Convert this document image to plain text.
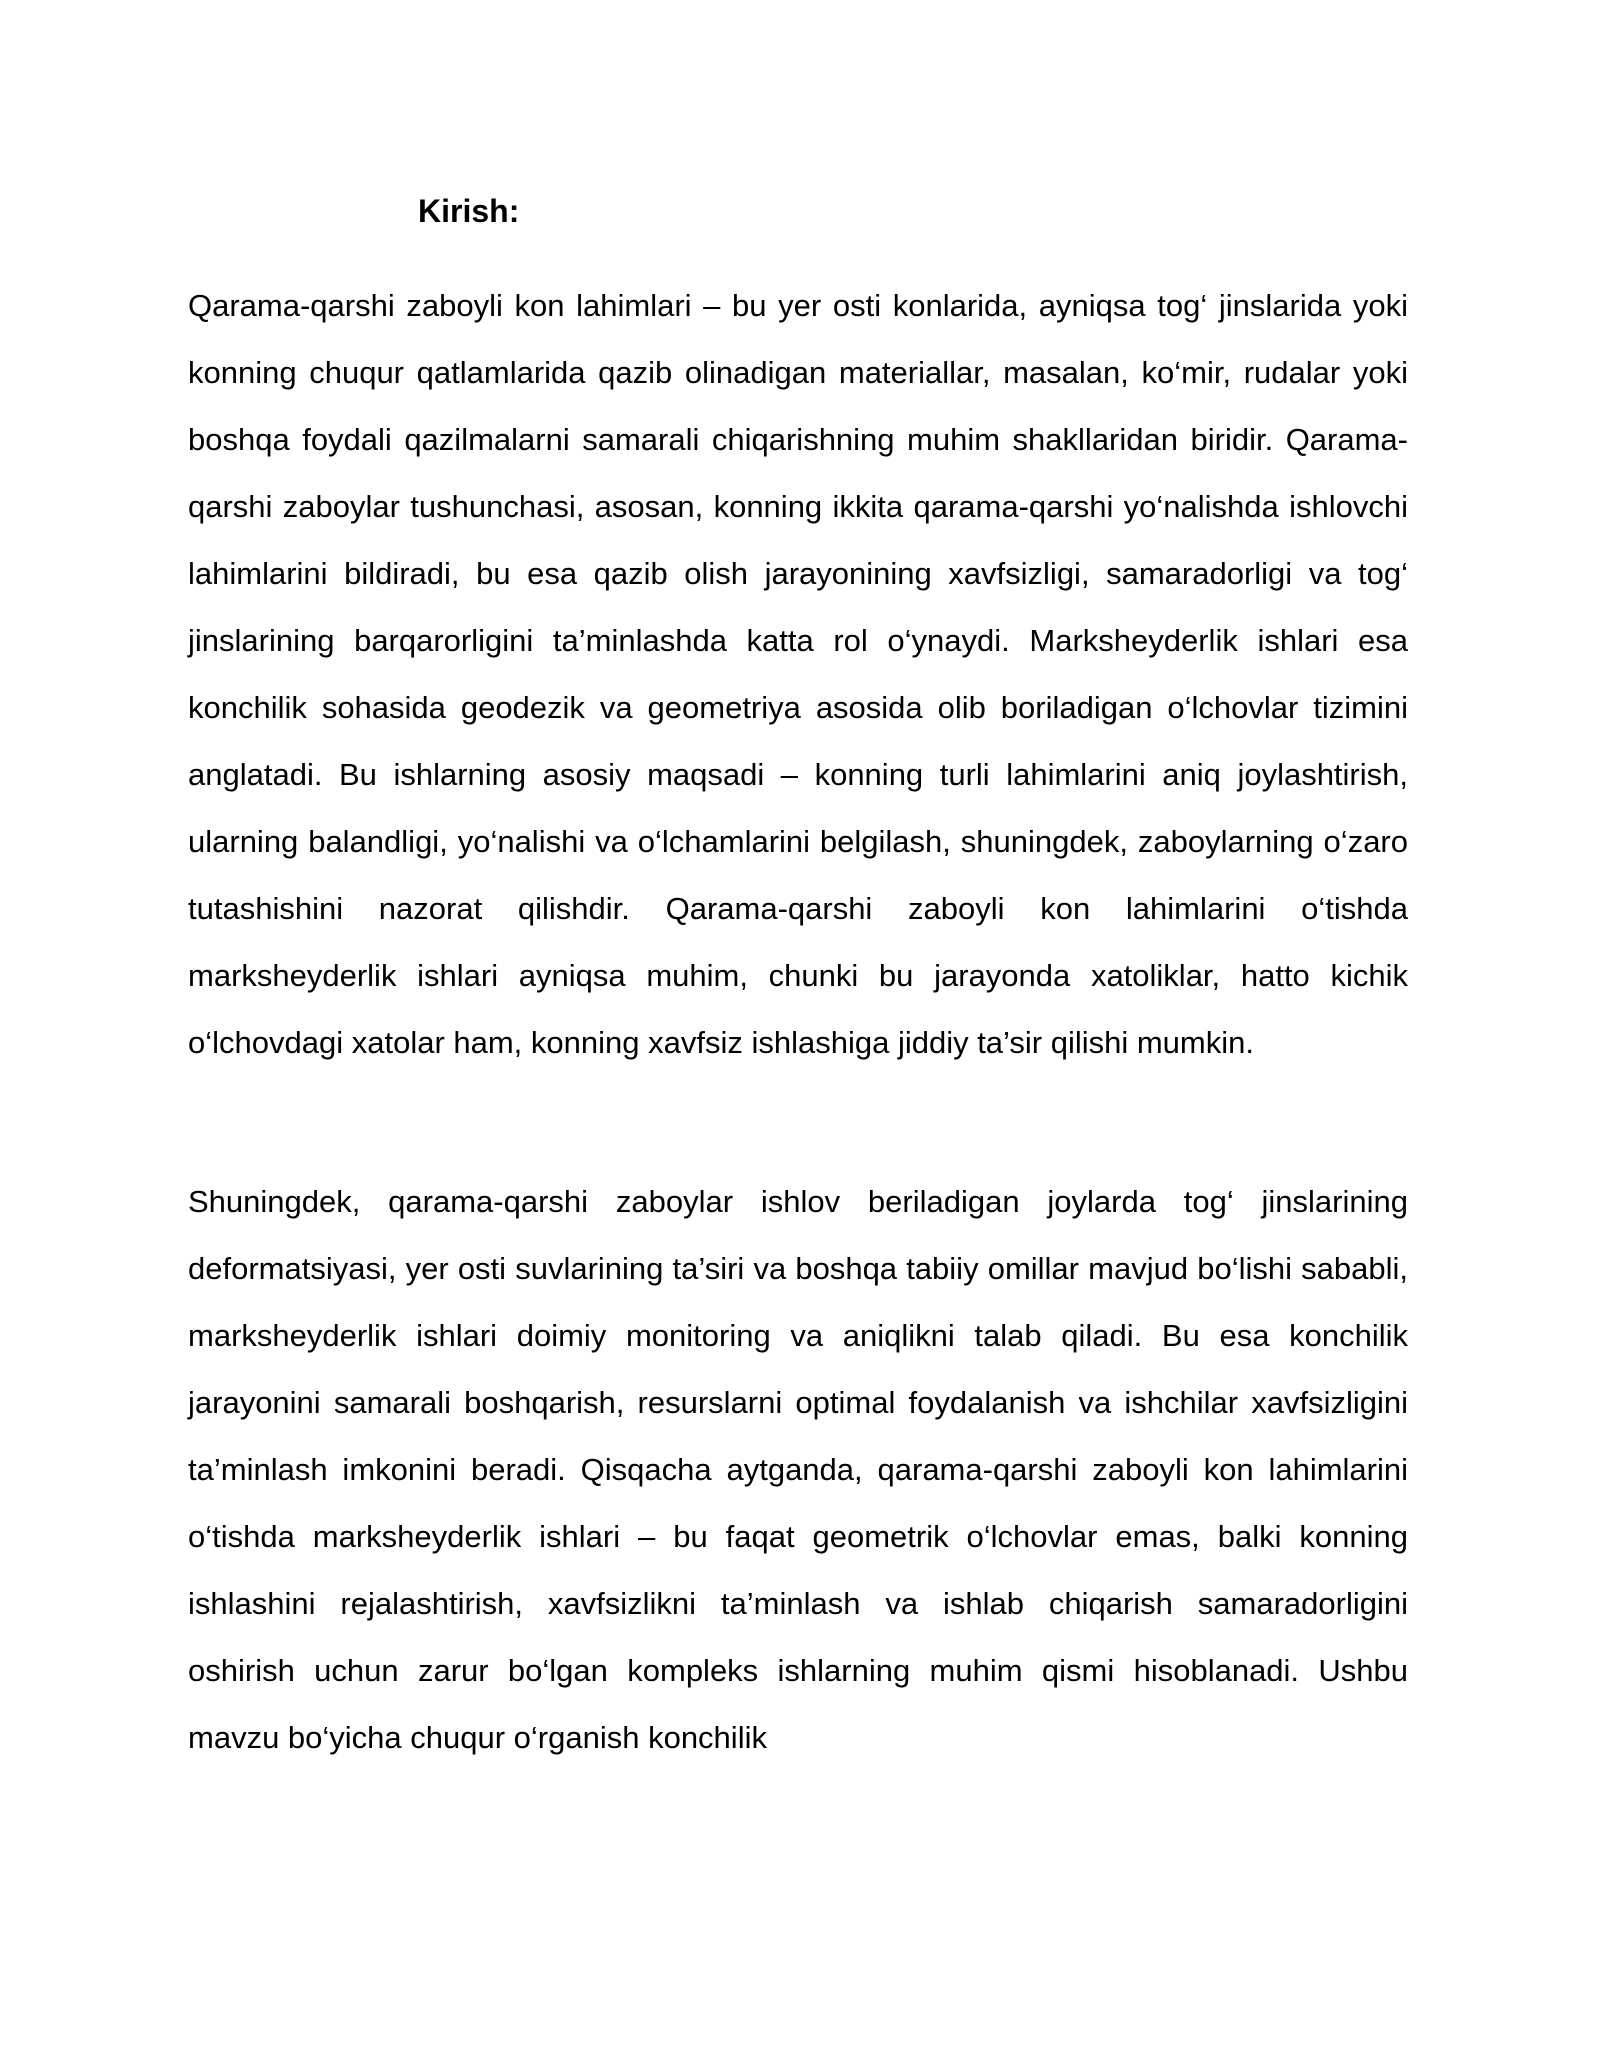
Kirish:

Qarama-qarshi zaboyli kon lahimlari – bu yer osti konlarida, ayniqsa tog‘ jinslarida yoki konning chuqur qatlamlarida qazib olinadigan materiallar, masalan, ko‘mir, rudalar yoki boshqa foydali qazilmalarni samarali chiqarishning muhim shakllaridan biridir. Qarama-qarshi zaboylar tushunchasi, asosan, konning ikkita qarama-qarshi yo‘nalishda ishlovchi lahimlarini bildiradi, bu esa qazib olish jarayonining xavfsizligi, samaradorligi va tog‘ jinslarining barqarorligini ta’minlashda katta rol o‘ynaydi. Marksheyderlik ishlari esa konchilik sohasida geodezik va geometriya asosida olib boriladigan o‘lchovlar tizimini anglatadi. Bu ishlarning asosiy maqsadi – konning turli lahimlarini aniq joylashtirish, ularning balandligi, yo‘nalishi va o‘lchamlarini belgilash, shuningdek, zaboylarning o‘zaro tutashishini nazorat qilishdir. Qarama-qarshi zaboyli kon lahimlarini o‘tishda marksheyderlik ishlari ayniqsa muhim, chunki bu jarayonda xatoliklar, hatto kichik o‘lchovdagi xatolar ham, konning xavfsiz ishlashiga jiddiy ta’sir qilishi mumkin.

Shuningdek, qarama-qarshi zaboylar ishlov beriladigan joylarda tog‘ jinslarining deformatsiyasi, yer osti suvlarining ta’siri va boshqa tabiiy omillar mavjud bo‘lishi sababli, marksheyderlik ishlari doimiy monitoring va aniqlikni talab qiladi. Bu esa konchilik jarayonini samarali boshqarish, resurslarni optimal foydalanish va ishchilar xavfsizligini ta’minlash imkonini beradi. Qisqacha aytganda, qarama-qarshi zaboyli kon lahimlarini o‘tishda marksheyderlik ishlari – bu faqat geometrik o‘lchovlar emas, balki konning ishlashini rejalashtirish, xavfsizlikni ta’minlash va ishlab chiqarish samaradorligini oshirish uchun zarur bo‘lgan kompleks ishlarning muhim qismi hisoblanadi. Ushbu mavzu bo‘yicha chuqur o‘rganish konchilik
